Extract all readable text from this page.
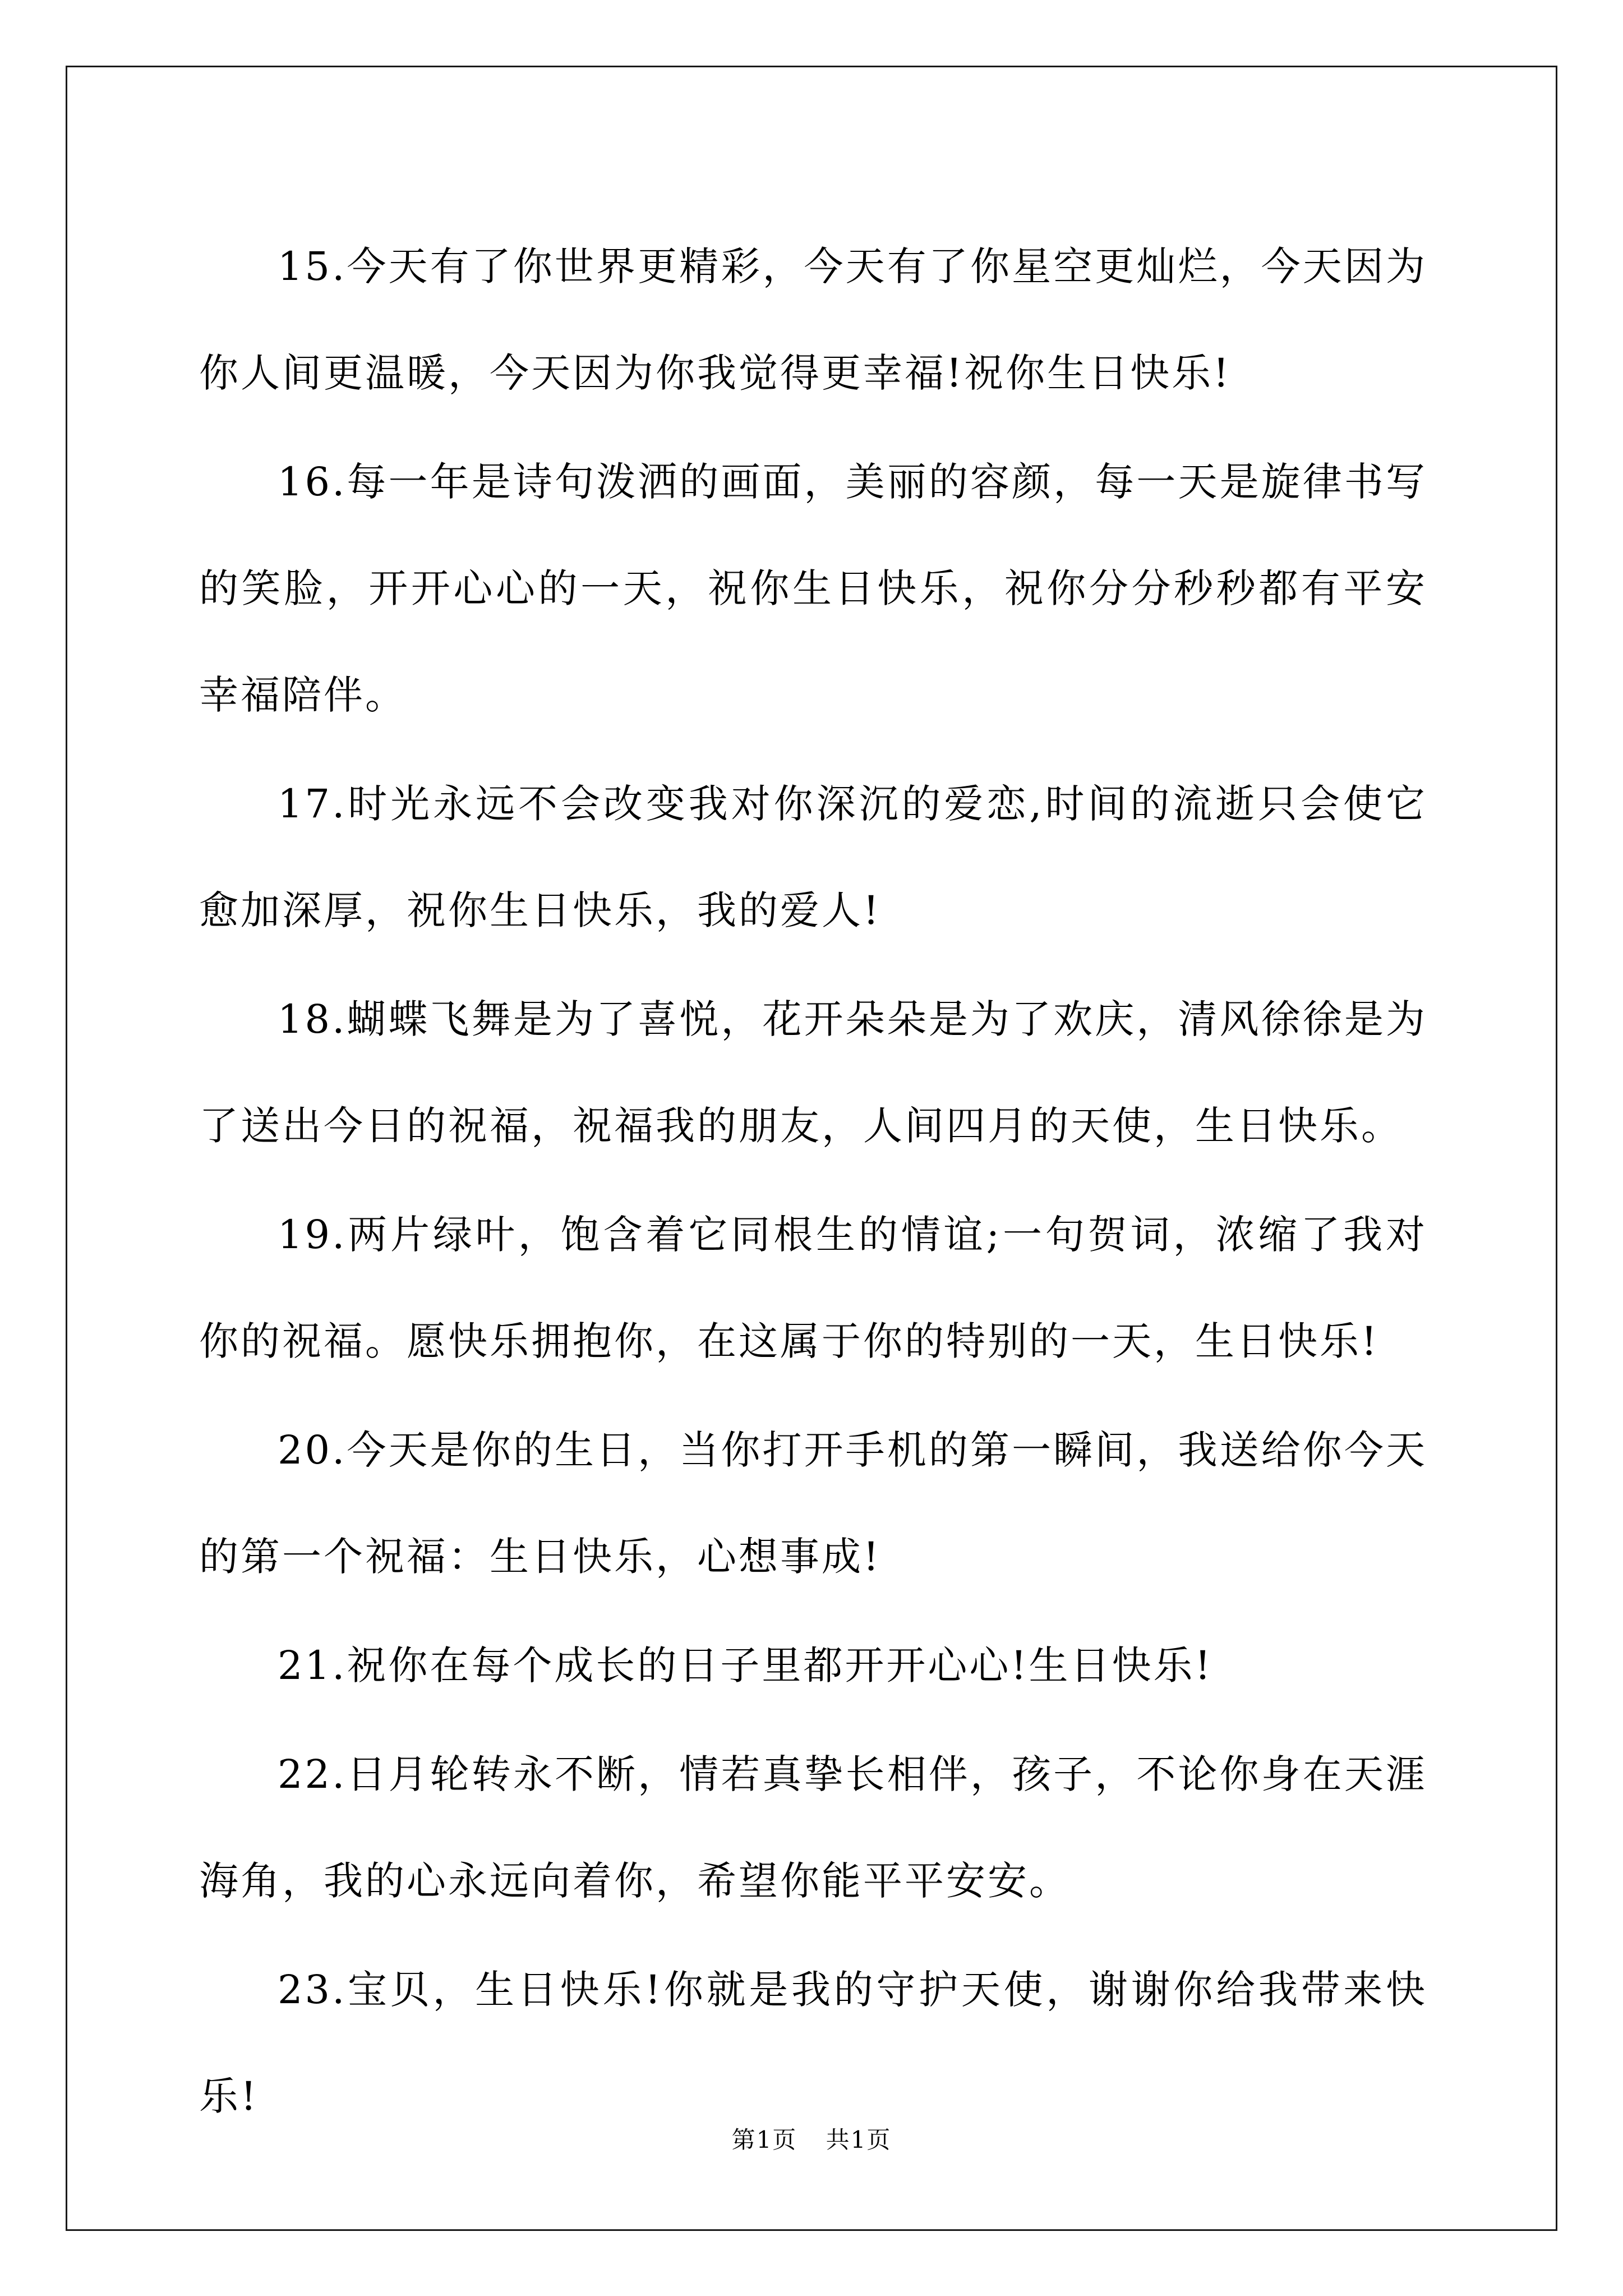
15.今天有了你世界更精彩，今天有了你星空更灿烂，今天因为你人间更温暖，今天因为你我觉得更幸福!祝你生日快乐!

16.每一年是诗句泼洒的画面，美丽的容颜，每一天是旋律书写的笑脸，开开心心的一天，祝你生日快乐，祝你分分秒秒都有平安幸福陪伴。

17.时光永远不会改变我对你深沉的爱恋,时间的流逝只会使它愈加深厚，祝你生日快乐，我的爱人!

18.蝴蝶飞舞是为了喜悦，花开朵朵是为了欢庆，清风徐徐是为了送出今日的祝福，祝福我的朋友，人间四月的天使，生日快乐。

19.两片绿叶，饱含着它同根生的情谊;一句贺词，浓缩了我对你的祝福。愿快乐拥抱你，在这属于你的特别的一天，生日快乐!

20.今天是你的生日，当你打开手机的第一瞬间，我送给你今天的第一个祝福：生日快乐，心想事成!

21.祝你在每个成长的日子里都开开心心!生日快乐!

22.日月轮转永不断，情若真挚长相伴，孩子，不论你身在天涯海角，我的心永远向着你，希望你能平平安安。

23.宝贝，生日快乐!你就是我的守护天使，谢谢你给我带来快乐!

第1页 共1页
